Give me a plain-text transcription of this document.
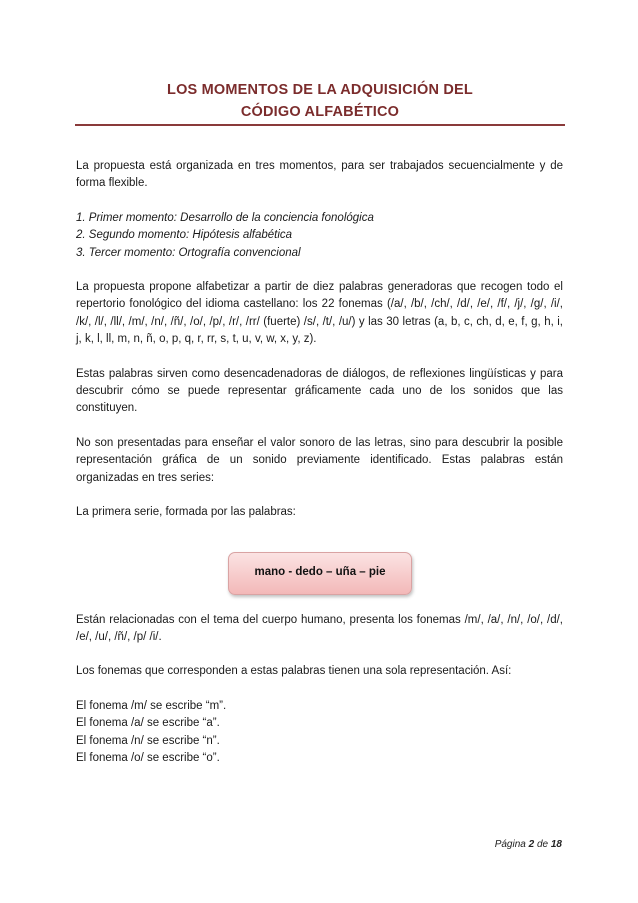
LOS MOMENTOS DE LA ADQUISICIÓN DEL
CÓDIGO ALFABÉTICO

La propuesta está organizada en tres momentos, para ser trabajados secuencialmente y de forma flexible.

1. Primer momento: Desarrollo de la conciencia fonológica

2. Segundo momento: Hipótesis alfabética

3. Tercer momento: Ortografía convencional

La propuesta propone alfabetizar a partir de diez palabras generadoras que recogen todo el repertorio fonológico del idioma castellano: los 22 fonemas (/a/, /b/, /ch/, /d/, /e/, /f/, /j/, /g/, /i/, /k/, /l/, /ll/, /m/, /n/, /ñ/, /o/, /p/, /r/, /rr/ (fuerte) /s/, /t/, /u/) y las 30 letras (a, b, c, ch, d, e, f, g, h, i, j, k, l, ll, m, n, ñ, o, p, q, r, rr, s, t, u, v, w, x, y, z).

Estas palabras sirven como desencadenadoras de diálogos, de reflexiones lingüísticas y para descubrir cómo se puede representar gráficamente cada uno de los sonidos que las constituyen.

No son presentadas para enseñar el valor sonoro de las letras, sino para descubrir la posible representación gráfica de un sonido previamente identificado. Estas palabras están organizadas en tres series:

La primera serie, formada por las palabras:

mano - dedo – uña – pie

Están relacionadas con el tema del cuerpo humano, presenta los fonemas /m/, /a/, /n/, /o/, /d/, /e/, /u/, /ñ/, /p/ /i/.

Los fonemas que corresponden a estas palabras tienen una sola representación. Así:

El fonema /m/ se escribe “m”.

El fonema /a/ se escribe “a”.

El fonema /n/ se escribe “n”.

El fonema /o/ se escribe “o”.

Página 2 de 18
